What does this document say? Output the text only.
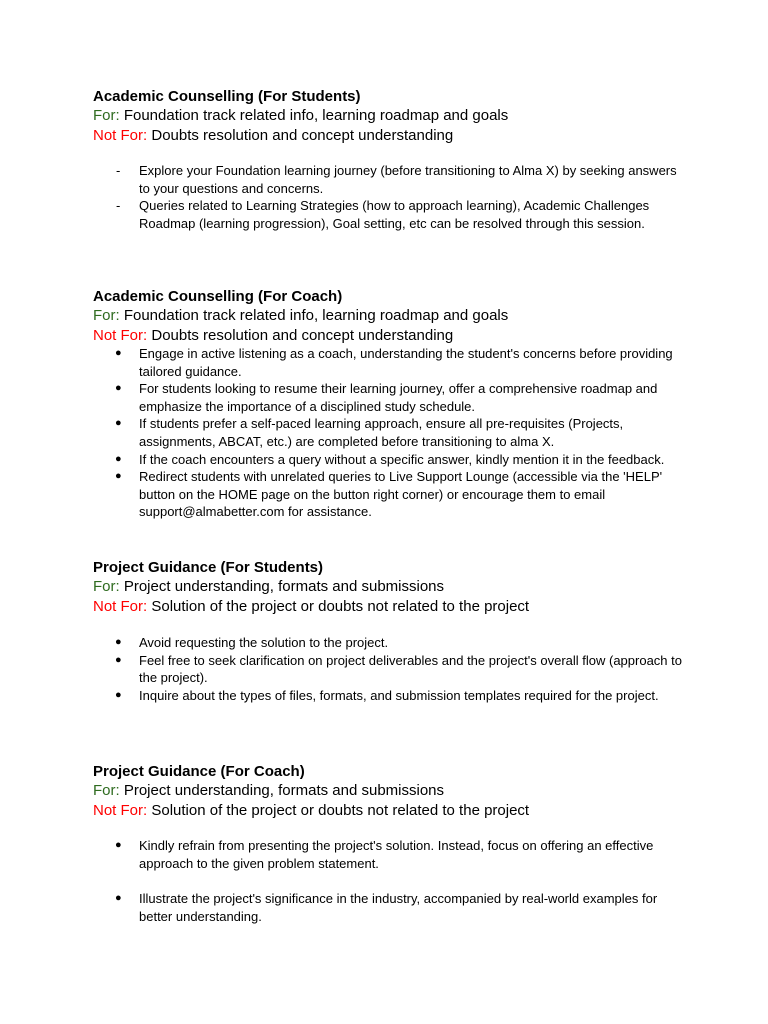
Academic Counselling (For Students)
For: Foundation track related info, learning roadmap and goals
Not For: Doubts resolution and concept understanding
-	Explore your Foundation learning journey (before transitioning to Alma X) by seeking answers to your questions and concerns.
-	Queries related to Learning Strategies (how to approach learning), Academic Challenges Roadmap (learning progression), Goal setting, etc can be resolved through this session.
Academic Counselling (For Coach)
For: Foundation track related info, learning roadmap and goals
Not For: Doubts resolution and concept understanding
●	Engage in active listening as a coach, understanding the student's concerns before providing tailored guidance.
●	For students looking to resume their learning journey, offer a comprehensive roadmap and emphasize the importance of a disciplined study schedule.
●	If students prefer a self-paced learning approach, ensure all pre-requisites (Projects, assignments, ABCAT, etc.) are completed before transitioning to alma X.
●	If the coach encounters a query without a specific answer, kindly mention it in the feedback.
●	Redirect students with unrelated queries to Live Support Lounge (accessible via the 'HELP' button on the HOME page on the button right corner) or encourage them to email support@almabetter.com for assistance.
Project Guidance (For Students)
For: Project understanding, formats and submissions
Not For: Solution of the project or doubts not related to the project
●	Avoid requesting the solution to the project.
●	Feel free to seek clarification on project deliverables and the project's overall flow (approach to the project).
●	Inquire about the types of files, formats, and submission templates required for the project.
Project Guidance (For Coach)
For: Project understanding, formats and submissions
Not For: Solution of the project or doubts not related to the project
●	Kindly refrain from presenting the project's solution. Instead, focus on offering an effective approach to the given problem statement.
●	Illustrate the project's significance in the industry, accompanied by real-world examples for better understanding.
